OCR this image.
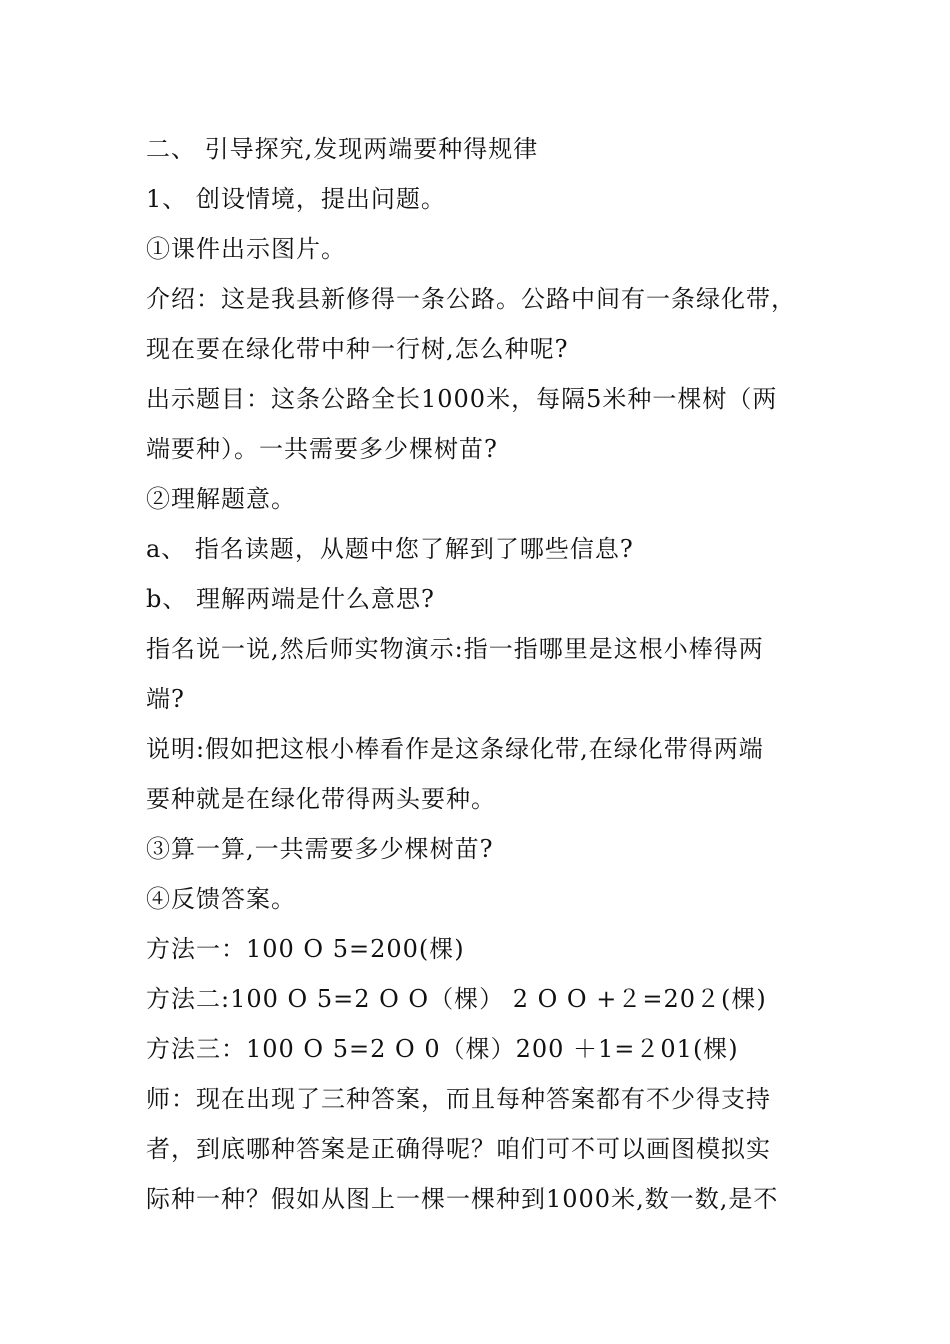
二、 引导探究,发现两端要种得规律
1、 创设情境，提出问题。
①课件出示图片。
介绍：这是我县新修得一条公路。公路中间有一条绿化带，
现在要在绿化带中种一行树,怎么种呢?
出示题目：这条公路全长1000米，每隔5米种一棵树（两
端要种）。一共需要多少棵树苗?
②理解题意。
a、 指名读题，从题中您了解到了哪些信息?
b、 理解两端是什么意思?
指名说一说,然后师实物演示:指一指哪里是这根小棒得两
端?
说明:假如把这根小棒看作是这条绿化带,在绿化带得两端
要种就是在绿化带得两头要种。
③算一算,一共需要多少棵树苗?
④反馈答案。
方法一：100 O 5=200(棵)
方法二:100 O 5=2 O O（棵） 2 O O +２=20２(棵)
方法三：100 O 5=2 O 0（棵）200 ＋1=２01(棵)
师：现在出现了三种答案，而且每种答案都有不少得支持
者，到底哪种答案是正确得呢？咱们可不可以画图模拟实
际种一种？假如从图上一棵一棵种到1000米,数一数,是不
